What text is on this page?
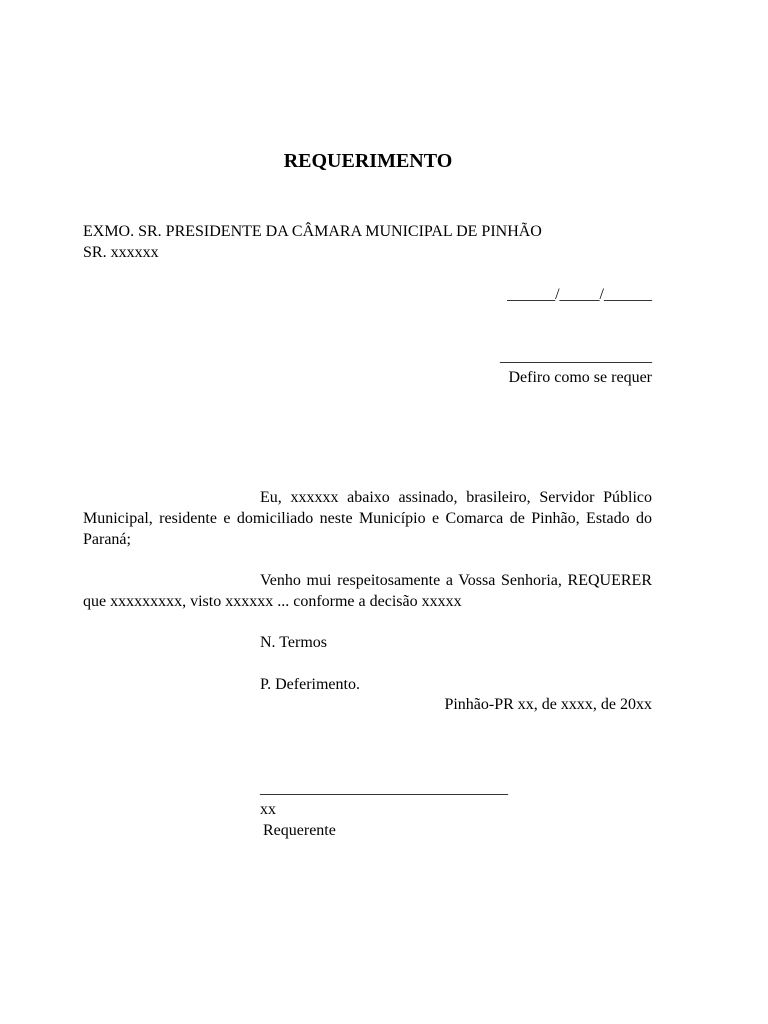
REQUERIMENTO
EXMO. SR. PRESIDENTE DA CÂMARA MUNICIPAL DE PINHÃO
SR. xxxxxx
______/_____/______
___________________
Defiro como se requer
Eu, xxxxxx abaixo assinado, brasileiro, Servidor Público Municipal, residente e domiciliado neste Município e Comarca de Pinhão, Estado do Paraná;
Venho mui respeitosamente a Vossa Senhoria, REQUERER que xxxxxxxxx, visto xxxxxx ... conforme a decisão xxxxx
N. Termos
P. Deferimento.
Pinhão-PR xx, de xxxx, de 20xx
_______________________________
xx
Requerente
